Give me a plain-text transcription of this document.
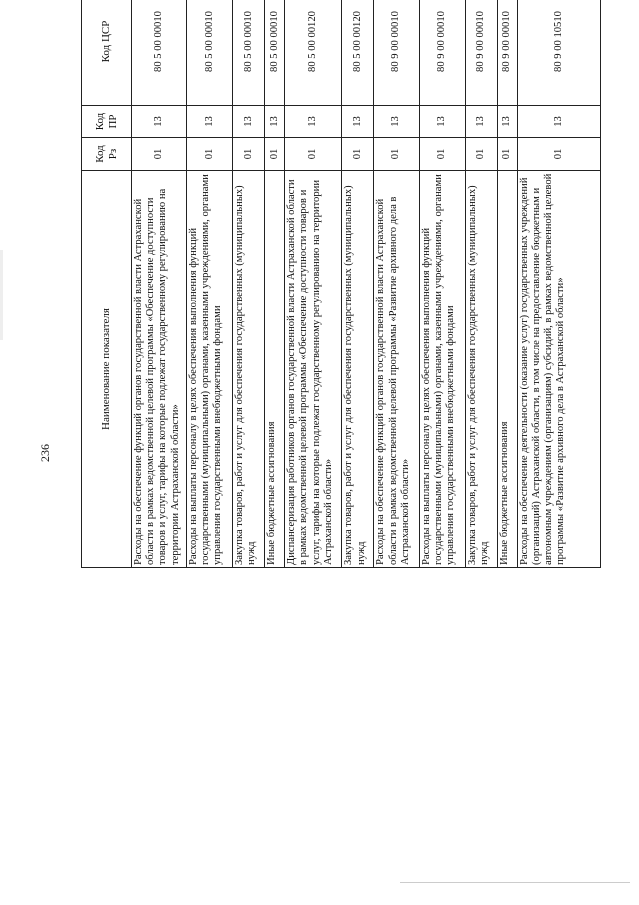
236
Наименование показателя	Код Рз	Код ПР	Код ЦСР			
Расходы на обеспечение функций органов государственной власти Астраханской области в рамках ведомственной целевой программы «Обеспечение доступности товаров и услуг, тарифы на которые подлежат государственному регулированию на территории Астраханской области»	01	13	80 5 00 00010			
Расходы на выплаты персоналу в целях обеспечения выполнения функций государственными (муниципальными) органами, казенными учреждениями, органами управления государственными внебюджетными фондами	01	13	80 5 00 00010			
Закупка товаров, работ и услуг для обеспечения государственных (муниципальных) нужд	01	13	80 5 00 00010			
Иные бюджетные ассигнования	01	13	80 5 00 00010			
Диспансеризация работников органов государственной власти Астраханской области в рамках ведомственной целевой программы «Обеспечение доступности товаров и услуг, тарифы на которые подлежат государственному регулированию на территории Астраханской области»	01	13	80 5 00 00120			
Закупка товаров, работ и услуг для обеспечения государственных (муниципальных) нужд	01	13	80 5 00 00120			
Расходы на обеспечение функций органов государственной власти Астраханской области в рамках ведомственной целевой программы «Развитие архивного дела в Астраханской области»	01	13	80 9 00 00010			
Расходы на выплаты персоналу в целях обеспечения выполнения функций государственными (муниципальными) органами, казенными учреждениями, органами управления государственными внебюджетными фондами	01	13	80 9 00 00010			
Закупка товаров, работ и услуг для обеспечения государственных (муниципальных) нужд	01	13	80 9 00 00010			
Иные бюджетные ассигнования	01	13	80 9 00 00010			
Расходы на обеспечение деятельности (оказание услуг) государственных учреждений (организаций) Астраханской области, в том числе на предоставление бюджетным и автономным учреждениям (организациям) субсидий, в рамках ведомственной целевой программы «Развитие архивного дела в Астраханской области»	01	13	80 9 00 10510			
